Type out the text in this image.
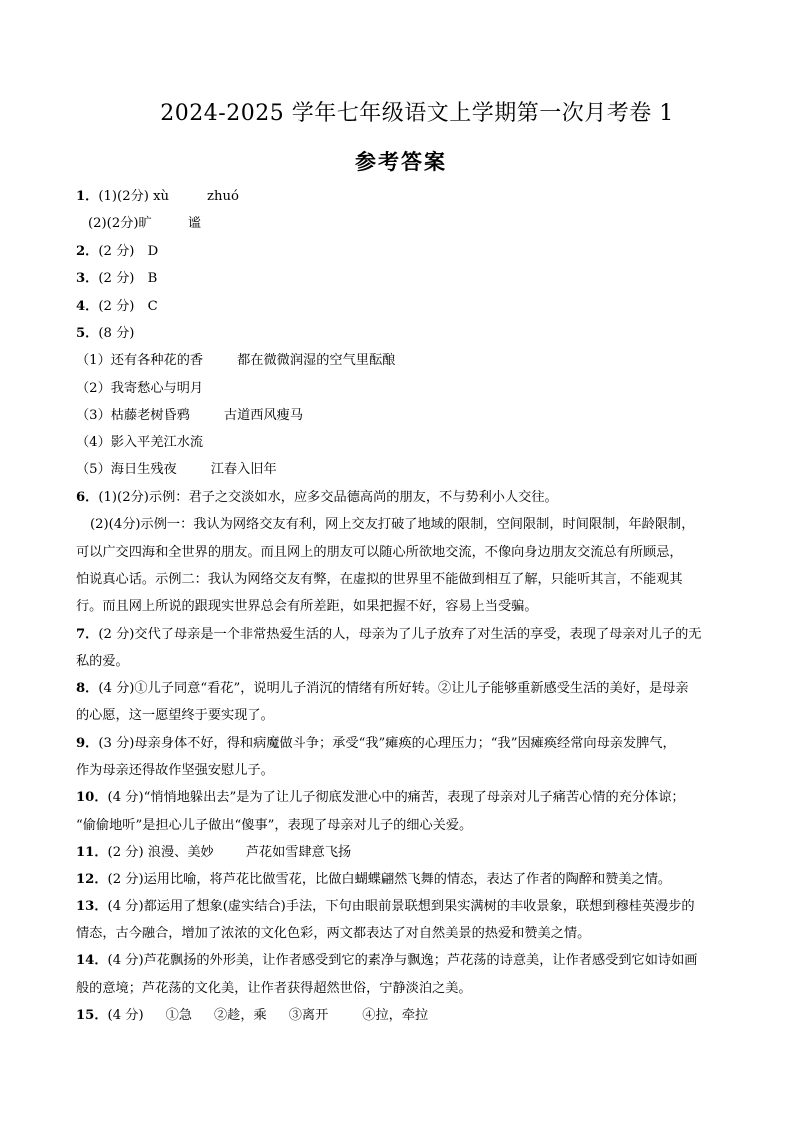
2024-2025 学年七年级语文上学期第一次月考卷 1
参考答案
1．(1)(2分) xù	zhuó
(2)(2分)旷	谧
2．(2 分)　D
3．(2 分)　B
4．(2 分)　C
5．(8 分)
（1）还有各种花的香	都在微微润湿的空气里酝酿
（2）我寄愁心与明月
（3）枯藤老树昏鸦	古道西风瘦马
（4）影入平羌江水流
（5）海日生残夜	江春入旧年
6．(1)(2分)示例：君子之交淡如水，应多交品德高尚的朋友，不与势利小人交往。
(2)(4分)示例一：我认为网络交友有利，网上交友打破了地域的限制，空间限制，时间限制，年龄限制，
可以广交四海和全世界的朋友。而且网上的朋友可以随心所欲地交流，不像向身边朋友交流总有所顾忌，
怕说真心话。示例二：我认为网络交友有弊，在虚拟的世界里不能做到相互了解，只能听其言，不能观其
行。而且网上所说的跟现实世界总会有所差距，如果把握不好，容易上当受骗。
7．(2 分)交代了母亲是一个非常热爱生活的人，母亲为了儿子放弃了对生活的享受，表现了母亲对儿子的无
私的爱。
8．(4 分)①儿子同意“看花”，说明儿子消沉的情绪有所好转。②让儿子能够重新感受生活的美好，是母亲
的心愿，这一愿望终于要实现了。
9．(3 分)母亲身体不好，得和病魔做斗争；承受“我”瘫痪的心理压力；“我”因瘫痪经常向母亲发脾气，
作为母亲还得故作坚强安慰儿子。
10．(4 分)“悄悄地躲出去”是为了让儿子彻底发泄心中的痛苦，表现了母亲对儿子痛苦心情的充分体谅；
“偷偷地听”是担心儿子做出“傻事”，表现了母亲对儿子的细心关爱。
11．(2 分) 浪漫、美妙 芦花如雪肆意飞扬
12．(2 分)运用比喻，将芦花比做雪花，比做白蝴蝶翩然飞舞的情态，表达了作者的陶醉和赞美之情。
13．(4 分)都运用了想象(虚实结合)手法，下句由眼前景联想到果实满树的丰收景象，联想到穆桂英漫步的
情态，古今融合，增加了浓浓的文化色彩，两文都表达了对自然美景的热爱和赞美之情。
14．(4 分)芦花飘扬的外形美，让作者感受到它的素净与飘逸；芦花荡的诗意美，让作者感受到它如诗如画
般的意境；芦花荡的文化美，让作者获得超然世俗，宁静淡泊之美。
15．(4 分) ①急 ②趁，乘 ③离开	④拉，牵拉
